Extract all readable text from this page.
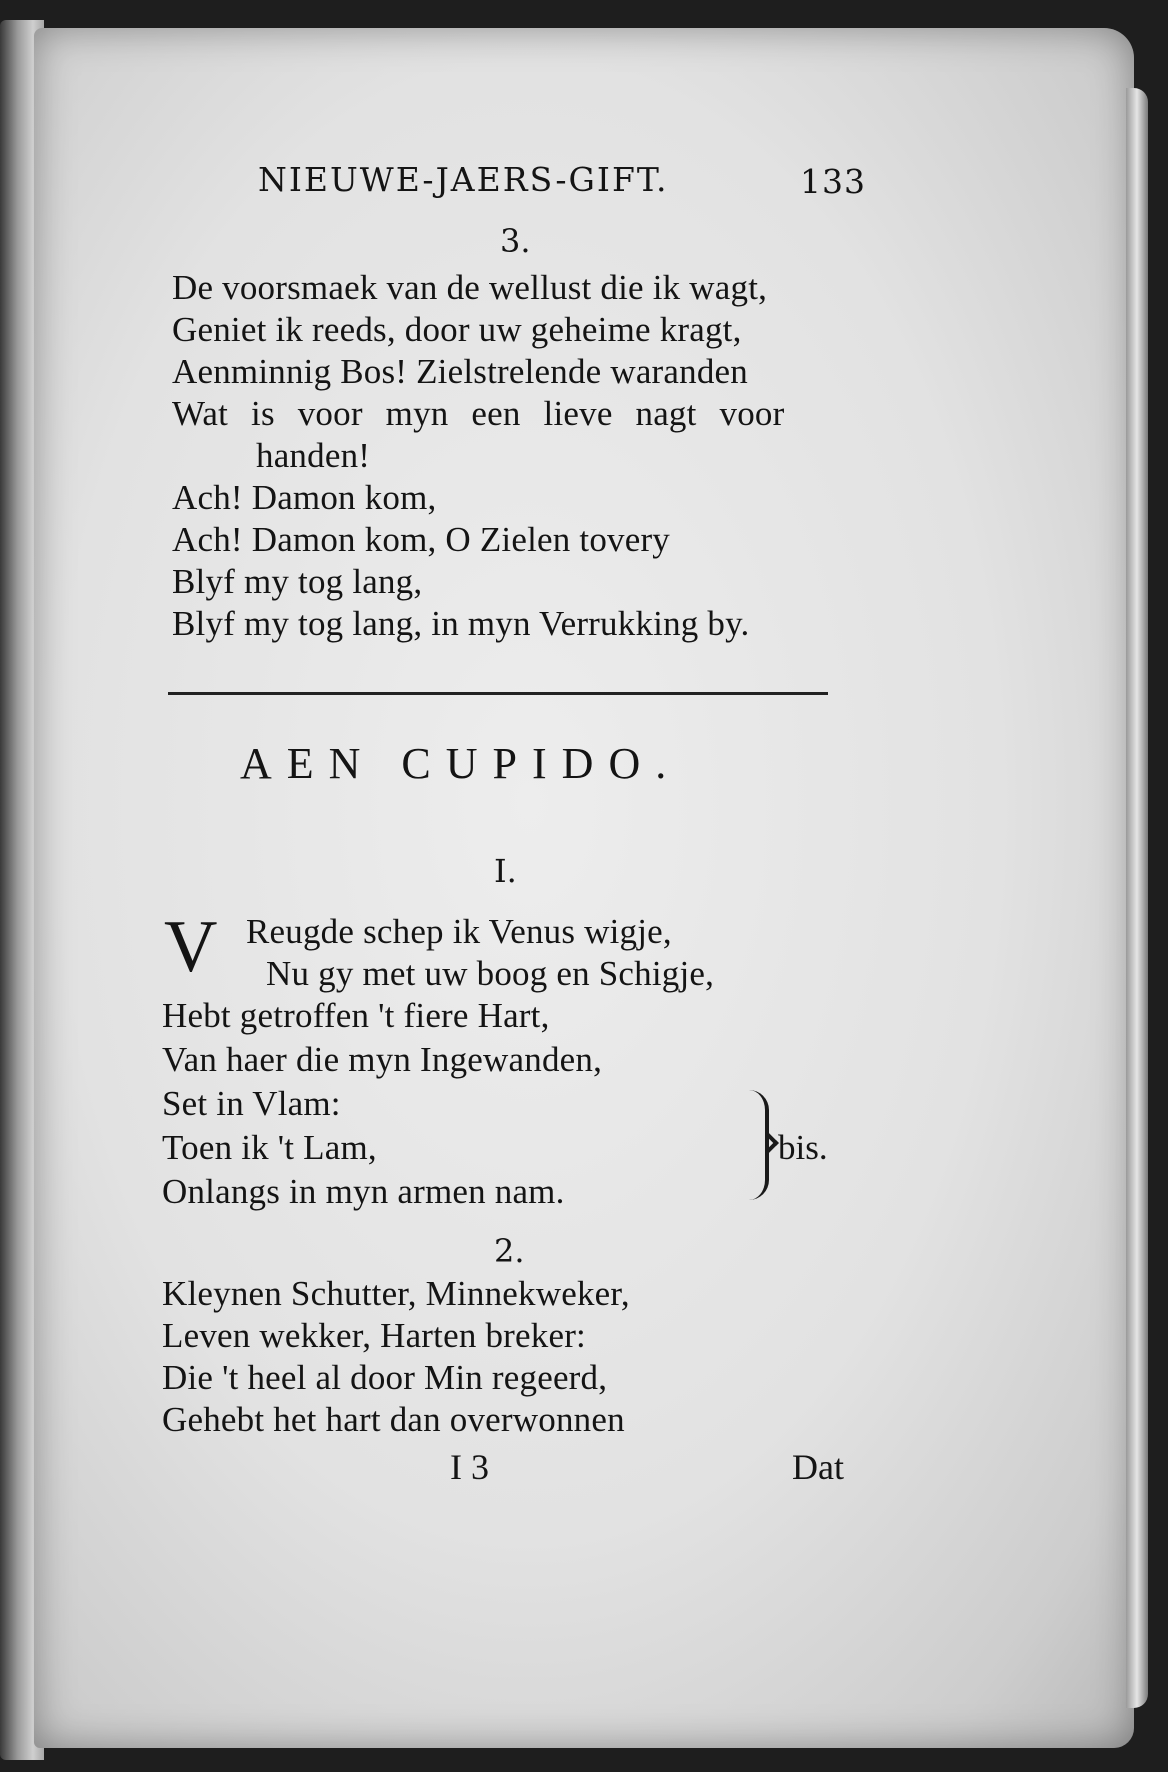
NIEUWE-JAERS-GIFT.	133
3.
De voorsmaek van de wellust die ik wagt,
Geniet ik reeds, door uw geheime kragt,
Aenminnig Bos! Zielstrelende waranden
Wat is voor myn een lieve nagt voor
handen!
Ach! Damon kom,
Ach! Damon kom, O Zielen tovery
Blyf my tog lang,
Blyf my tog lang, in myn Verrukking by.
AEN CUPIDO.
I.
V Reugde schep ik Venus wigje,
Nu gy met uw boog en Schigje,
Hebt getroffen 't fiere Hart,
Van haer die myn Ingewanden,
Set in Vlam:
Toen ik 't Lam,
Onlangs in myn armen nam.
bis.
2.
Kleynen Schutter, Minnekweker,
Leven wekker, Harten breker:
Die 't heel al door Min regeerd,
Gehebt het hart dan overwonnen
I 3	Dat
